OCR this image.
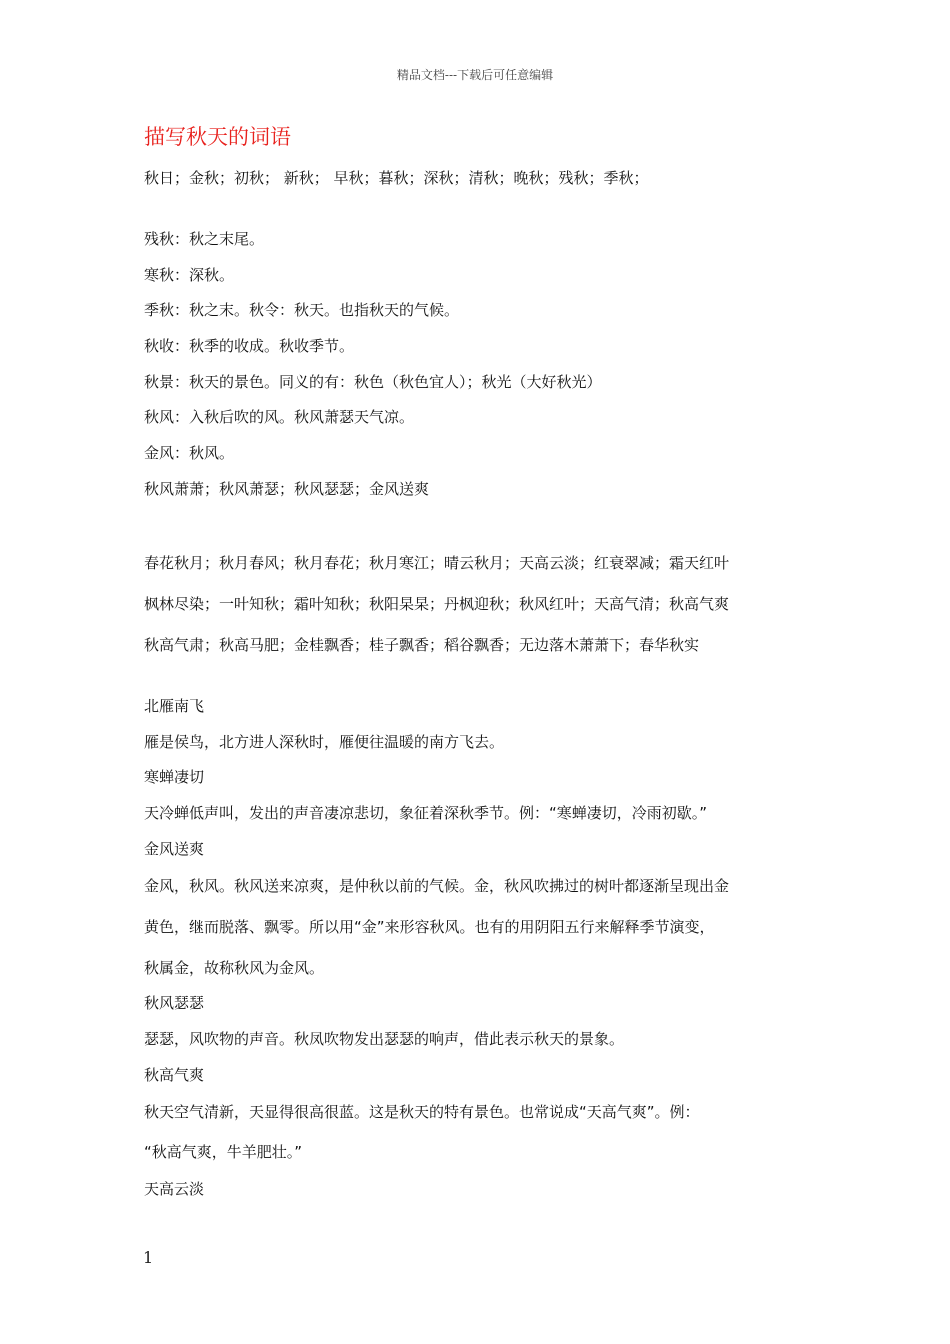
精品文档---下载后可任意编辑
描写秋天的词语
秋日；金秋；初秋； 新秋； 早秋；暮秋；深秋；清秋；晚秋；残秋；季秋；
残秋：秋之末尾。
寒秋：深秋。
季秋：秋之末。秋令：秋天。也指秋天的气候。
秋收：秋季的收成。秋收季节。
秋景：秋天的景色。同义的有：秋色（秋色宜人）；秋光（大好秋光）
秋风：入秋后吹的风。秋风萧瑟天气凉。
金风：秋风。
秋风萧萧；秋风萧瑟；秋风瑟瑟；金风送爽
春花秋月；秋月春风；秋月春花；秋月寒江；晴云秋月；天高云淡；红衰翠减；霜天红叶
枫林尽染；一叶知秋；霜叶知秋；秋阳杲杲；丹枫迎秋；秋风红叶；天高气清；秋高气爽
秋高气肃；秋高马肥；金桂飘香；桂子飘香；稻谷飘香；无边落木萧萧下；春华秋实
北雁南飞
雁是侯鸟，北方进人深秋时，雁便往温暖的南方飞去。
寒蝉凄切
天冷蝉低声叫，发出的声音凄凉悲切，象征着深秋季节。例：“寒蝉凄切，冷雨初歇。”
金风送爽
金风，秋风。秋风送来凉爽，是仲秋以前的气候。金，秋风吹拂过的树叶都逐渐呈现出金
黄色，继而脱落、飘零。所以用“金”来形容秋风。也有的用阴阳五行来解释季节演变，
秋属金，故称秋风为金风。
秋风瑟瑟
瑟瑟，风吹物的声音。秋凤吹物发出瑟瑟的响声，借此表示秋天的景象。
秋高气爽
秋天空气清新，天显得很高很蓝。这是秋天的特有景色。也常说成“天高气爽”。例：
“秋高气爽，牛羊肥壮。”
天高云淡
1
